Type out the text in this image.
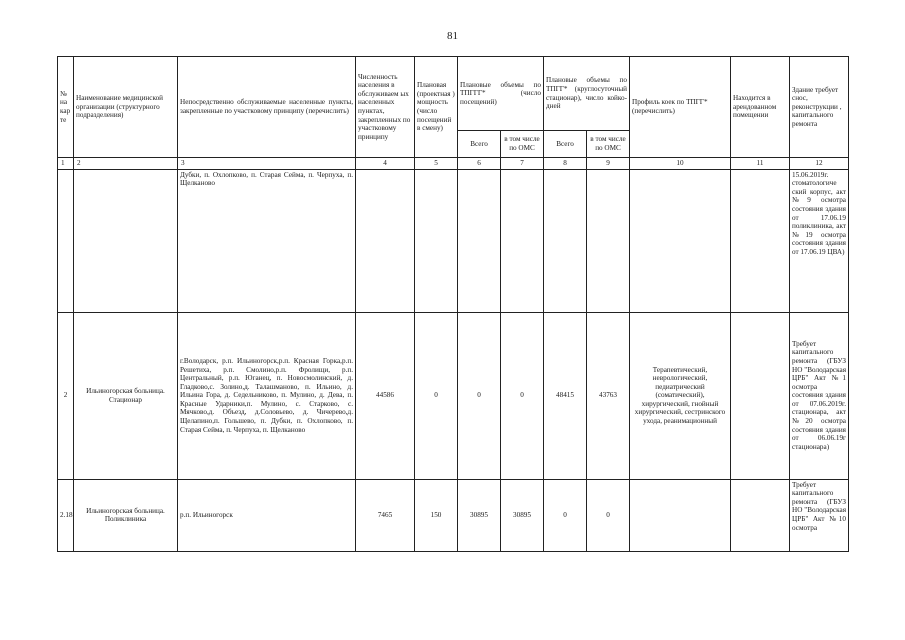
81
№ на кар те	Наименование медицинской организации (структурного подразделения)	Непосредственно обслуживаемые населенные пункты, закрепленные по участковому принципу (перечислить)	Численность населения в обслуживаем ых населенных пунктах, закрепленных по участковому принципу	Плановая (проектная ) мощность (число посещений в смену)	Плановые объемы по ТПГГГ* (число посещений)		Плановые объемы по ТПГГ* (круглосуточный стационар), число койко-дней		Профиль коек по ТПГГ* (перечислить)	Находится в арендованном помещении	Здание требует снос, реконструкции , капитального ремонта
					Всего	в том числе по ОМС	Всего	в том числе по ОМС			
1	2	3	4	5	6	7	8	9	10	11	12
		Дубки, п. Охлопково, п. Старая Сейма, п. Черпуха, п. Щелканово									15.06.2019г. стоматологиче ский корпус, акт №9 осмотра состояния здания от 17.06.19 поликлиника, акт №19 осмотра состояния здания от 17.06.19 ЦВА)
2	Ильиногорская больница. Стационар	г.Володарск, р.п. Ильиногорск,р.п. Красная Горка,р.п. Решетиха, р.п. Смолино,р.п. Фролищи, р.п. Центральный, р.п. Юганец, п. Новосмолинский, д. Гладково,с. Золино,д. Талашманово, п. Ильино, д. Ильина Гора, д. Седельниково, п. Мулино, д. Дева, п. Красные Ударники,п. Мулино, с. Старково, с. Мячково,д. Объезд, д.Соловьево, д. Чичерево,д. Щелапино,п. Гольшево, п. Дубки, п. Охлопково, п. Старая Сейма, п. Черпуха, п. Щелканово	44586	0	0	0	48415	43763	Терапевтический, неврологический, педиатрический (соматический), хирургический, гнойный хирургический, сестринского ухода, реанимационный		Требует капитального ремонта (ГБУЗ НО "Володарская ЦРБ" Акт №1 осмотра состояния здания от 07.06.2019г. стационара, акт №20 осмотра состояния здания от 06.06.19г стационара)
2.18	Ильиногорская больница. Поликлиника	р.п. Ильиногорск	7465	150	30895	30895	0	0			Требует капитального ремонта (ГБУЗ НО "Володарская ЦРБ" Акт №10 осмотра
